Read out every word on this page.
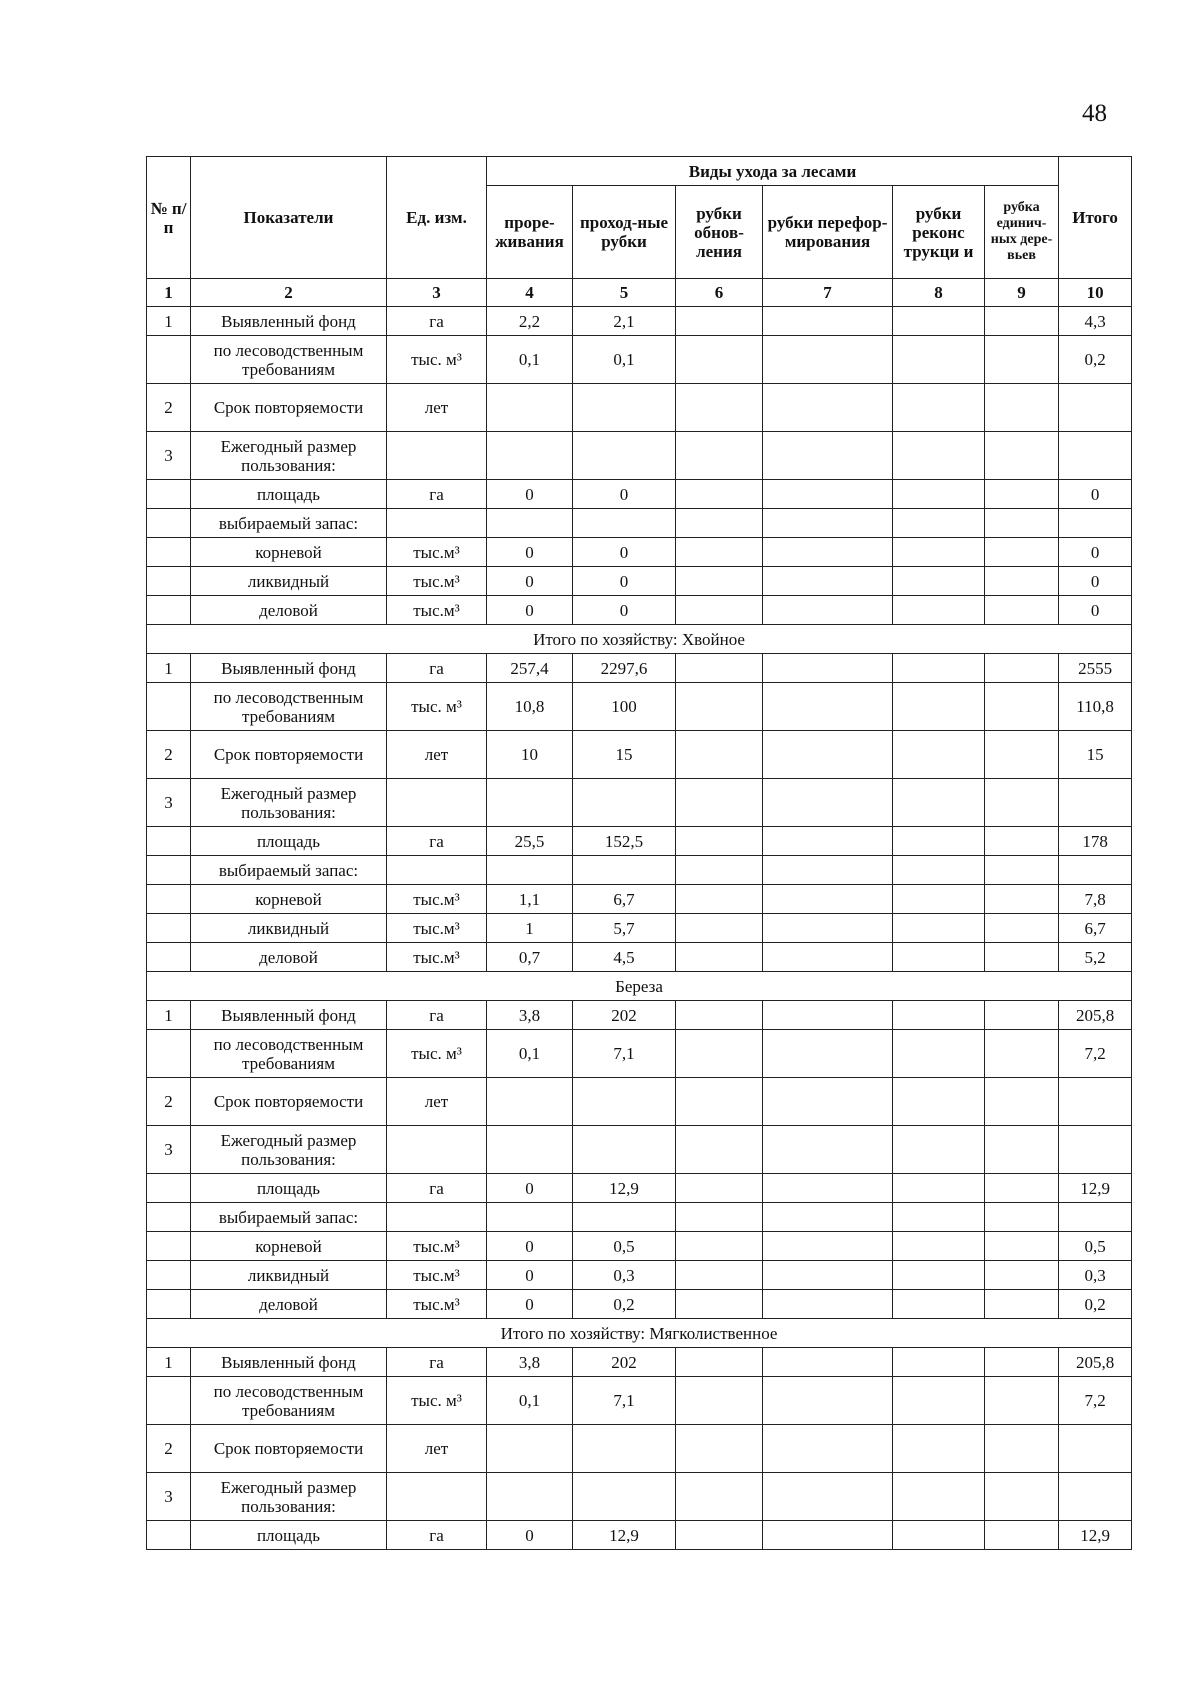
48
№ п/ п	Показатели	Ед. изм.	Виды ухода за лесами						Итого
			проре-живания	проход-ные рубки	рубки обнов-ления	рубки перефор-мирования	рубки реконс трукци и	рубка единич-ных дере-вьев	
1	2	3	4	5	6	7	8	9	10
1	Выявленный фонд	га	2,2	2,1					4,3
	по лесоводственным требованиям	тыс. м³	0,1	0,1					0,2
2	Срок повторяемости	лет							
3	Ежегодный размер пользования:								
	площадь	га	0	0					0
	выбираемый запас:								
	корневой	тыс.м³	0	0					0
	ликвидный	тыс.м³	0	0					0
	деловой	тыс.м³	0	0					0
Итого по хозяйству: Хвойное									
1	Выявленный фонд	га	257,4	2297,6					2555
	по лесоводственным требованиям	тыс. м³	10,8	100					110,8
2	Срок повторяемости	лет	10	15					15
3	Ежегодный размер пользования:								
	площадь	га	25,5	152,5					178
	выбираемый запас:								
	корневой	тыс.м³	1,1	6,7					7,8
	ликвидный	тыс.м³	1	5,7					6,7
	деловой	тыс.м³	0,7	4,5					5,2
Береза									
1	Выявленный фонд	га	3,8	202					205,8
	по лесоводственным требованиям	тыс. м³	0,1	7,1					7,2
2	Срок повторяемости	лет							
3	Ежегодный размер пользования:								
	площадь	га	0	12,9					12,9
	выбираемый запас:								
	корневой	тыс.м³	0	0,5					0,5
	ликвидный	тыс.м³	0	0,3					0,3
	деловой	тыс.м³	0	0,2					0,2
Итого по хозяйству: Мягколиственное									
1	Выявленный фонд	га	3,8	202					205,8
	по лесоводственным требованиям	тыс. м³	0,1	7,1					7,2
2	Срок повторяемости	лет							
3	Ежегодный размер пользования:								
	площадь	га	0	12,9					12,9
